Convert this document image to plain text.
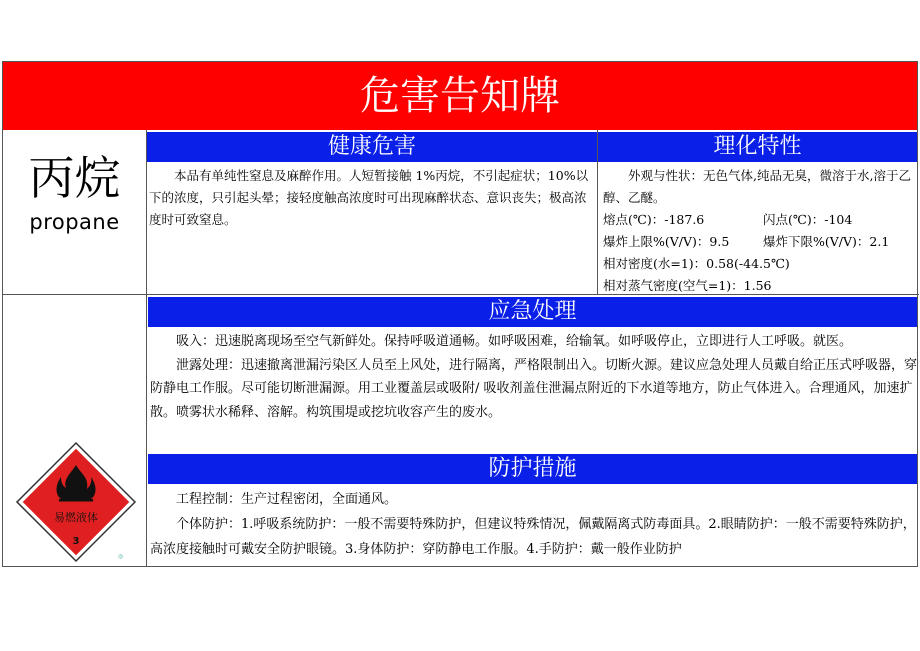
危害告知牌
丙烷
propane
健康危害

本品有单纯性窒息及麻醉作用。人短暂接触 1%丙烷，不引起症状；10%以下的浓度，只引起头晕；接轻度触高浓度时可出现麻醉状态、意识丧失；极高浓度时可致窒息。

理化特性

外观与性状：无色气体,纯品无臭，微溶于水,溶于乙醇、乙醚。

熔点(℃)：-187.6	闪点(℃)：-104
爆炸上限%(V/V)：9.5	爆炸下限%(V/V)：2.1
相对密度(水=1)：0.58(-44.5℃)
相对蒸气密度(空气=1)：1.56
易燃液体
3
◎
应急处理

吸入：迅速脱离现场至空气新鲜处。保持呼吸道通畅。如呼吸困难，给输氧。如呼吸停止，立即进行人工呼吸。就医。

泄露处理：迅速撤离泄漏污染区人员至上风处，进行隔离，严格限制出入。切断火源。建议应急处理人员戴自给正压式呼吸器，穿防静电工作服。尽可能切断泄漏源。用工业覆盖层或吸附/ 吸收剂盖住泄漏点附近的下水道等地方，防止气体进入。合理通风，加速扩散。喷雾状水稀释、溶解。构筑围堤或挖坑收容产生的废水。

防护措施

工程控制：生产过程密闭，全面通风。

个体防护：1.呼吸系统防护：一般不需要特殊防护，但建议特殊情况，佩戴隔离式防毒面具。2.眼睛防护：一般不需要特殊防护，高浓度接触时可戴安全防护眼镜。3.身体防护：穿防静电工作服。4.手防护：戴一般作业防护
